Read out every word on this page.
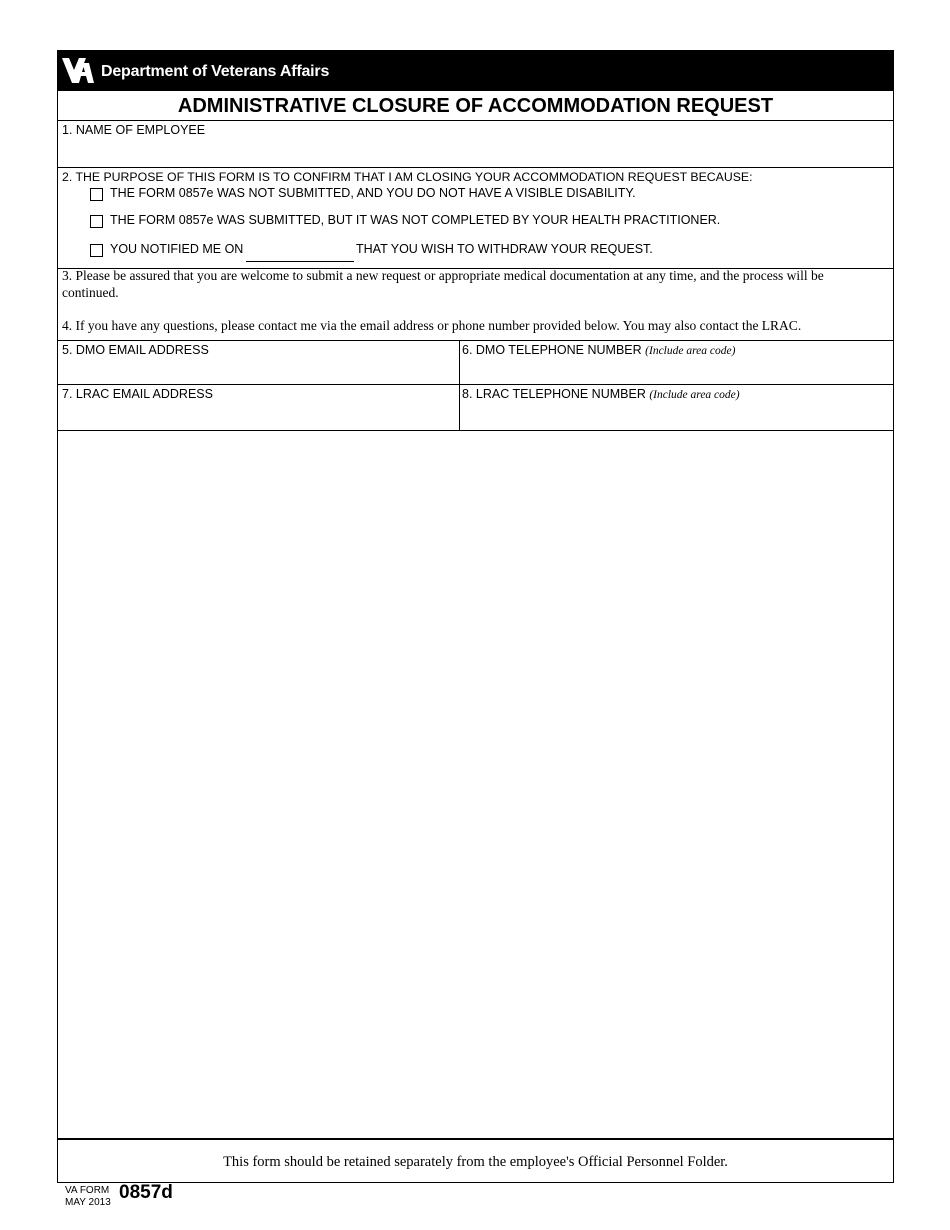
Department of Veterans Affairs
ADMINISTRATIVE CLOSURE OF ACCOMMODATION REQUEST
1. NAME OF EMPLOYEE
2. THE PURPOSE OF THIS FORM IS TO CONFIRM THAT I AM CLOSING YOUR ACCOMMODATION REQUEST BECAUSE:
THE FORM 0857e WAS NOT SUBMITTED, AND YOU DO NOT HAVE A VISIBLE DISABILITY.
THE FORM 0857e WAS SUBMITTED, BUT IT WAS NOT COMPLETED BY YOUR HEALTH PRACTITIONER.
YOU NOTIFIED ME ON	THAT YOU WISH TO WITHDRAW YOUR REQUEST.
3. Please be assured that you are welcome to submit a new request or appropriate medical documentation at any time, and the process will be continued.
4. If you have any questions, please contact me via the email address or phone number provided below. You may also contact the LRAC.
5. DMO EMAIL ADDRESS	6. DMO TELEPHONE NUMBER (Include area code)
7. LRAC EMAIL ADDRESS	8. LRAC TELEPHONE NUMBER (Include area code)
This form should be retained separately from the employee's Official Personnel Folder.
VA FORM
MAY 2013 0857d
